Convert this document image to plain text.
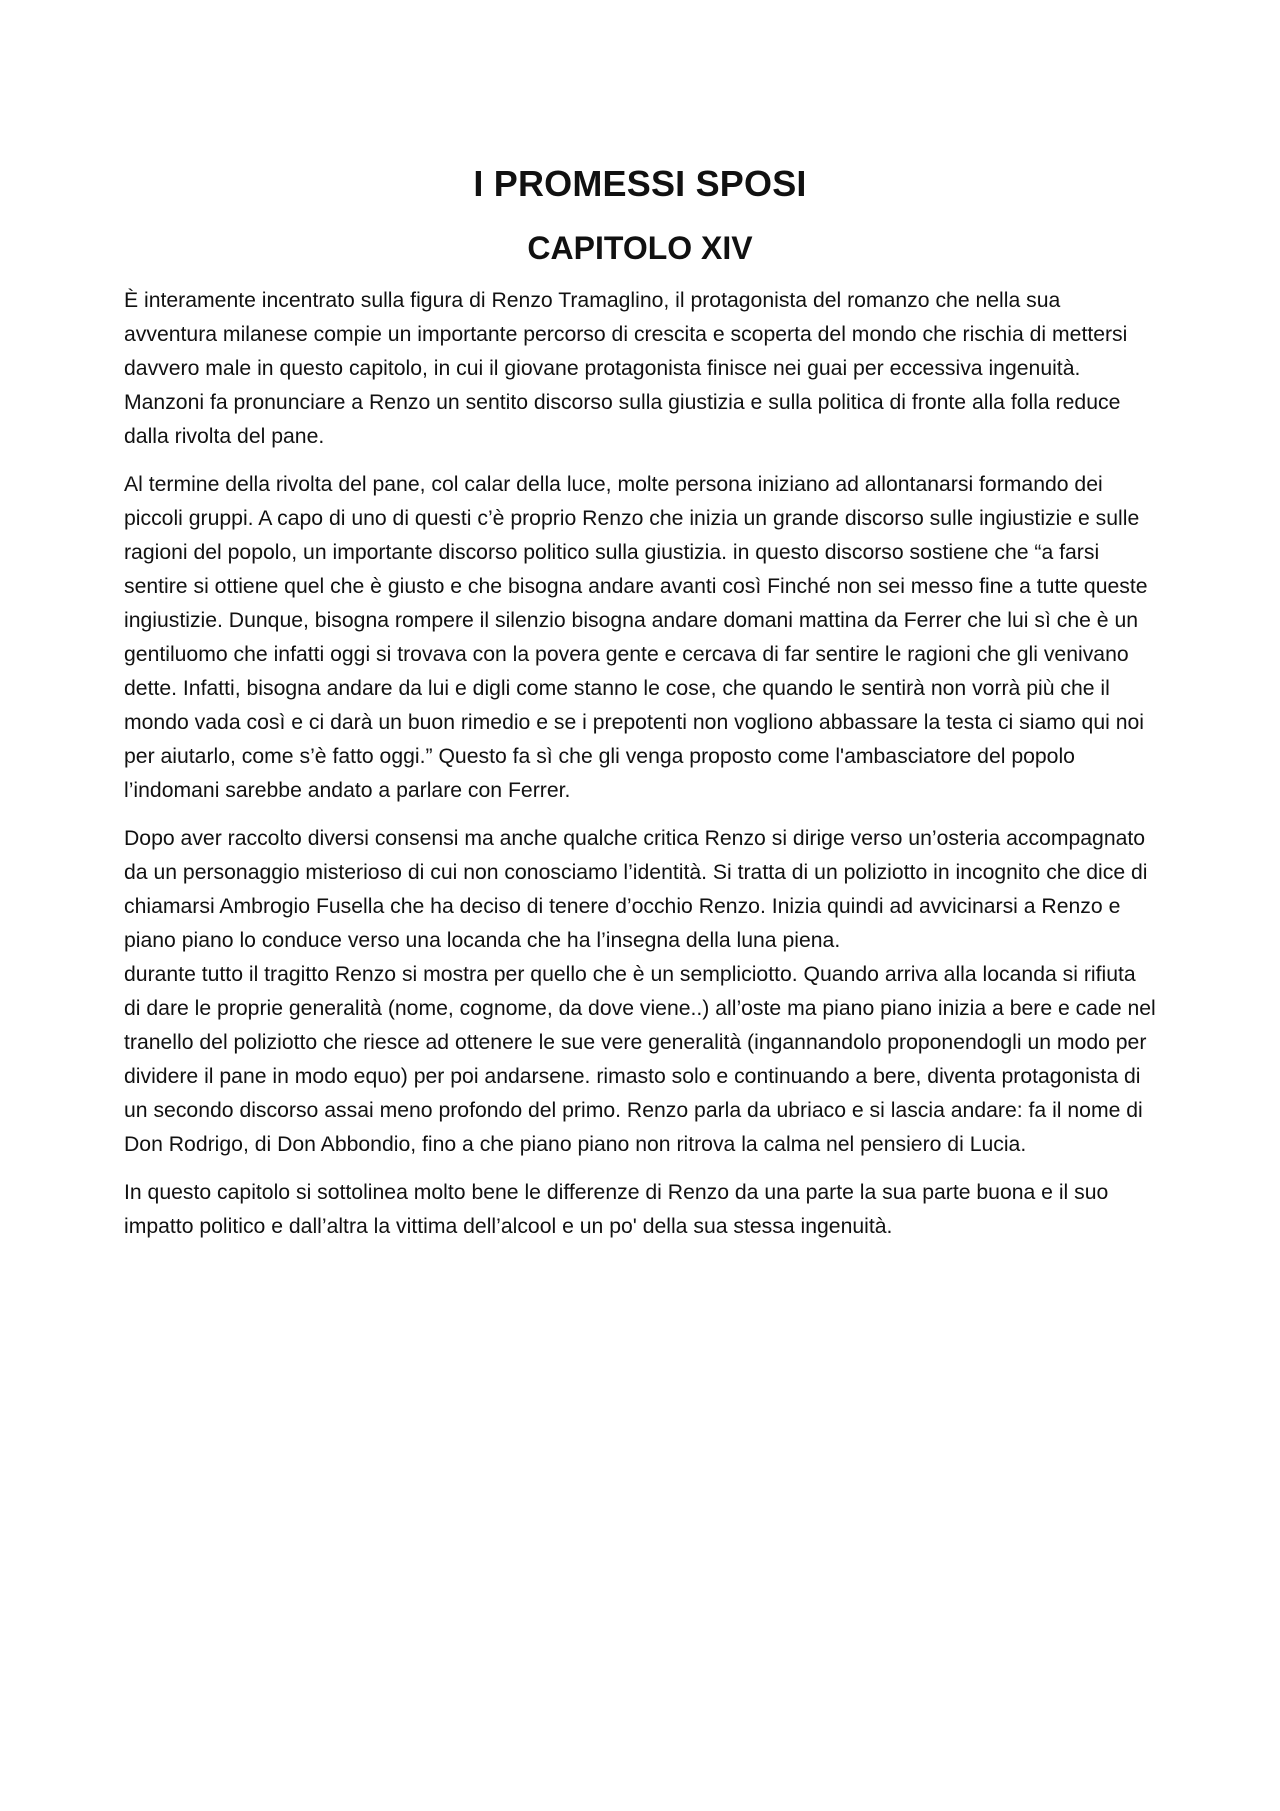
I PROMESSI SPOSI
CAPITOLO XIV

È interamente incentrato sulla figura di Renzo Tramaglino, il protagonista del romanzo che nella sua avventura milanese compie un importante percorso di crescita e scoperta del mondo che rischia di mettersi davvero male in questo capitolo, in cui il giovane protagonista finisce nei guai per eccessiva ingenuità. Manzoni fa pronunciare a Renzo un sentito discorso sulla giustizia e sulla politica di fronte alla folla reduce dalla rivolta del pane.

Al termine della rivolta del pane, col calar della luce, molte persona iniziano ad allontanarsi formando dei piccoli gruppi. A capo di uno di questi c’è proprio Renzo che inizia un grande discorso sulle ingiustizie e sulle ragioni del popolo, un importante discorso politico sulla giustizia. in questo discorso sostiene che “a farsi sentire si ottiene quel che è giusto e che bisogna andare avanti così Finché non sei messo fine a tutte queste ingiustizie. Dunque, bisogna rompere il silenzio bisogna andare domani mattina da Ferrer che lui sì che è un gentiluomo che infatti oggi si trovava con la povera gente e cercava di far sentire le ragioni che gli venivano dette. Infatti, bisogna andare da lui e digli come stanno le cose, che quando le sentirà non vorrà più che il mondo vada così e ci darà un buon rimedio e se i prepotenti non vogliono abbassare la testa ci siamo qui noi per aiutarlo, come s’è fatto oggi.” Questo fa sì che gli venga proposto come l'ambasciatore del popolo l’indomani sarebbe andato a parlare con Ferrer.

Dopo aver raccolto diversi consensi ma anche qualche critica Renzo si dirige verso un’osteria accompagnato da un personaggio misterioso di cui non conosciamo l’identità. Si tratta di un poliziotto in incognito che dice di chiamarsi Ambrogio Fusella che ha deciso di tenere d’occhio Renzo. Inizia quindi ad avvicinarsi a Renzo e piano piano lo conduce verso una locanda che ha l’insegna della luna piena.
durante tutto il tragitto Renzo si mostra per quello che è un sempliciotto. Quando arriva alla locanda si rifiuta di dare le proprie generalità (nome, cognome, da dove viene..) all’oste ma piano piano inizia a bere e cade nel tranello del poliziotto che riesce ad ottenere le sue vere generalità (ingannandolo proponendogli un modo per dividere il pane in modo equo) per poi andarsene. rimasto solo e continuando a bere, diventa protagonista di un secondo discorso assai meno profondo del primo. Renzo parla da ubriaco e si lascia andare: fa il nome di Don Rodrigo, di Don Abbondio, fino a che piano piano non ritrova la calma nel pensiero di Lucia.

In questo capitolo si sottolinea molto bene le differenze di Renzo da una parte la sua parte buona e il suo impatto politico e dall’altra la vittima dell’alcool e un po' della sua stessa ingenuità.
